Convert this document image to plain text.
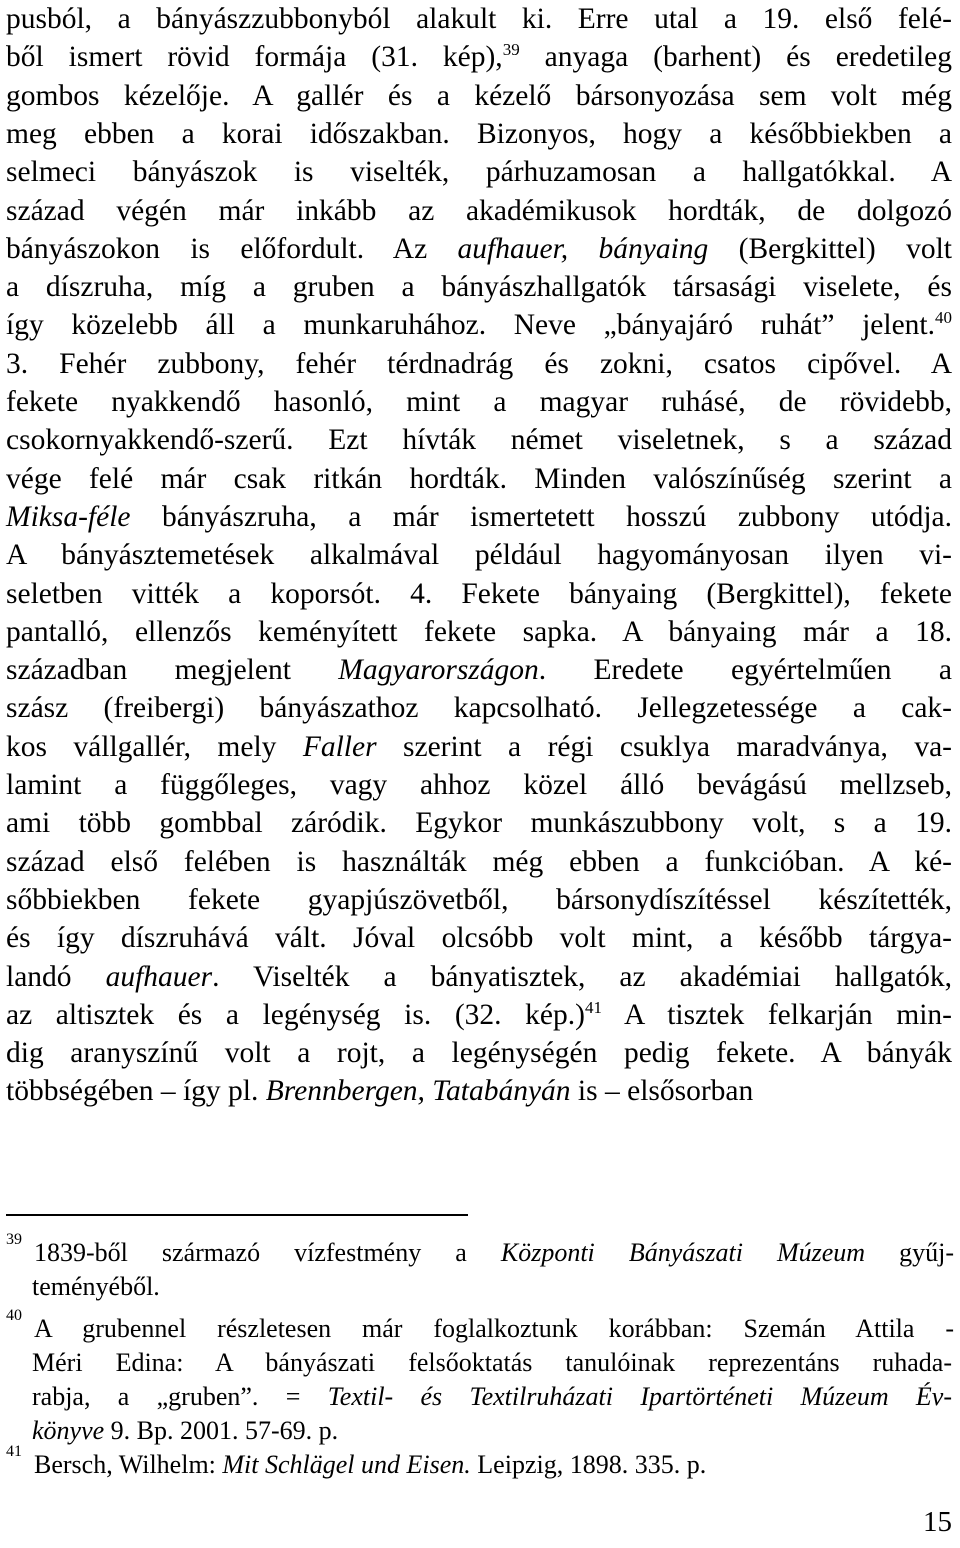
pusból, a bányászzubbonyból alakult ki. Erre utal a 19. első felé-
ből ismert rövid formája (31. kép),$^{39}$ anyaga (barhent) és eredetileg
gombos kézelője. A gallér és a kézelő bársonyozása sem volt még
meg ebben a korai időszakban. Bizonyos, hogy a későbbiekben a
selmeci bányászok is viselték, párhuzamosan a hallgatókkal. A
század végén már inkább az akadémikusok hordták, de dolgozó
bányászokon is előfordult. Az aufhauer, bányaing (Bergkittel) volt
a díszruha, míg a gruben a bányászhallgatók társasági viselete, és
így közelebb áll a munkaruhához. Neve „bányajáró ruhát” jelent.$^{40}$
3. Fehér zubbony, fehér térdnadrág és zokni, csatos cipővel. A
fekete nyakkendő hasonló, mint a magyar ruhásé, de rövidebb,
csokornyakkendő-szerű. Ezt hívták német viseletnek, s a század
vége felé már csak ritkán hordták. Minden valószínűség szerint a
Miksa-féle bányászruha, a már ismertetett hosszú zubbony utódja.
A bányásztemetések alkalmával például hagyományosan ilyen vi-
seletben vitték a koporsót. 4. Fekete bányaing (Bergkittel), fekete
pantalló, ellenzős keményített fekete sapka. A bányaing már a 18.
században megjelent Magyarországon. Eredete egyértelműen a
szász (freibergi) bányászathoz kapcsolható. Jellegzetessége a cak-
kos vállgallér, mely Faller szerint a régi csuklya maradványa, va-
lamint a függőleges, vagy ahhoz közel álló bevágású mellzseb,
ami több gombbal záródik. Egykor munkászubbony volt, s a 19.
század első felében is használták még ebben a funkcióban. A ké-
sőbbiekben fekete gyapjúszövetből, bársonydíszítéssel készítették,
és így díszruhává vált. Jóval olcsóbb volt mint, a később tárgya-
landó aufhauer. Viselték a bányatisztek, az akadémiai hallgatók,
az altisztek és a legénység is. (32. kép.)$^{41}$ A tisztek felkarján min-
dig aranyszínű volt a rojt, a legénységén pedig fekete. A bányák
többségében – így pl. Brennbergen, Tatabányán is – elsősorban
39 1839-ből származó vízfestmény a Központi Bányászati Múzeum gyűj-
teményéből.
40 A grubennel részletesen már foglalkoztunk korábban: Szemán Attila -
Méri Edina: A bányászati felsőoktatás tanulóinak reprezentáns ruhada-
rabja, a „gruben”. = Textil- és Textilruházati Ipartörténeti Múzeum Év-
könyve 9. Bp. 2001. 57-69. p.
41 Bersch, Wilhelm: Mit Schlägel und Eisen. Leipzig, 1898. 335. p.
15
